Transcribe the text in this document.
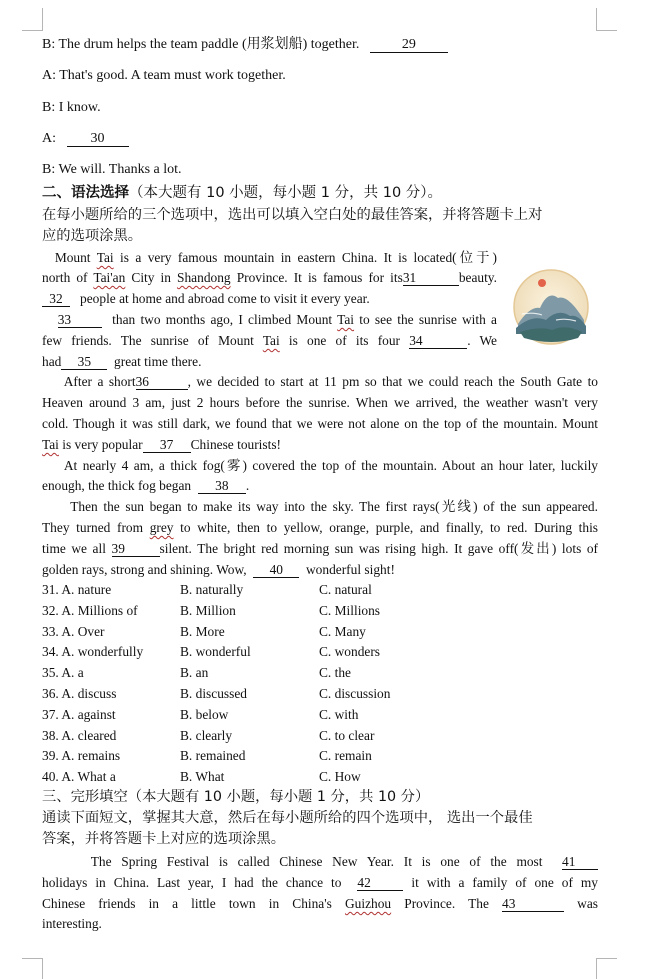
B: The drum helps the team paddle (用浆划船) together.	29
A: That's good. A team must work together.
B: I know.
A: 30
B: We will. Thanks a lot.
二、语法选择（本大题有 10 小题，每小题 1 分，共 10 分）。
在每小题所给的三个选项中，选出可以填入空白处的最佳答案，并将答题卡上对
应的选项涂黑。
Mount Tai is a very famous mountain in eastern China. It is located(位于)
north of Tai'an City in Shandong Province. It is famous for its31	beauty.
32 people at home and abroad come to visit it every year.
33	than two months ago, I climbed Mount Tai to see the sunrise with a
few friends. The sunrise of Mount Tai is one of its four 34	. We
had 35 great time there.
After a short36	, we decided to start at 11 pm so that we could reach the South Gate to
Heaven around 3 am, just 2 hours before the sunrise. When we arrived, the weather wasn't very
cold. Though it was still dark, we found that we were not alone on the top of the mountain. Mount
Tai is very popular 37 Chinese tourists!
At nearly 4 am, a thick fog(雾) covered the top of the mountain. About an hour later, luckily
enough, the thick fog began 38 .
Then the sun began to make its way into the sky. The first rays(光线) of the sun appeared.
They turned from grey to white, then to yellow, orange, purple, and finally, to red. During this
time we all 39	silent. The bright red morning sun was rising high. It gave off(发出) lots of
golden rays, strong and shining. Wow, 40 wonderful sight!
31. A. nature	B. naturally	C. natural
32. A. Millions of	B. Million	C. Millions
33. A. Over	B. More	C. Many
34. A. wonderfully	B. wonderful	C. wonders
35. A. a	B. an	C. the
36. A. discuss	B. discussed	C. discussion
37. A. against	B. below	C. with
38. A. cleared	B. clearly	C. to clear
39. A. remains	B. remained	C. remain
40. A. What a	B. What	C. How
三、完形填空（本大题有 10 小题，每小题 1 分，共 10 分）
通读下面短文，掌握其大意，然后在每小题所给的四个选项中， 选出一个最佳
答案，并将答题卡上对应的选项涂黑。
The Spring Festival is called Chinese New Year. It is one of the most 41
holidays in China. Last year, I had the chance to 42	it with a family of one of my
Chinese friends in a little town in China's Guizhou Province. The 43	was
interesting.
